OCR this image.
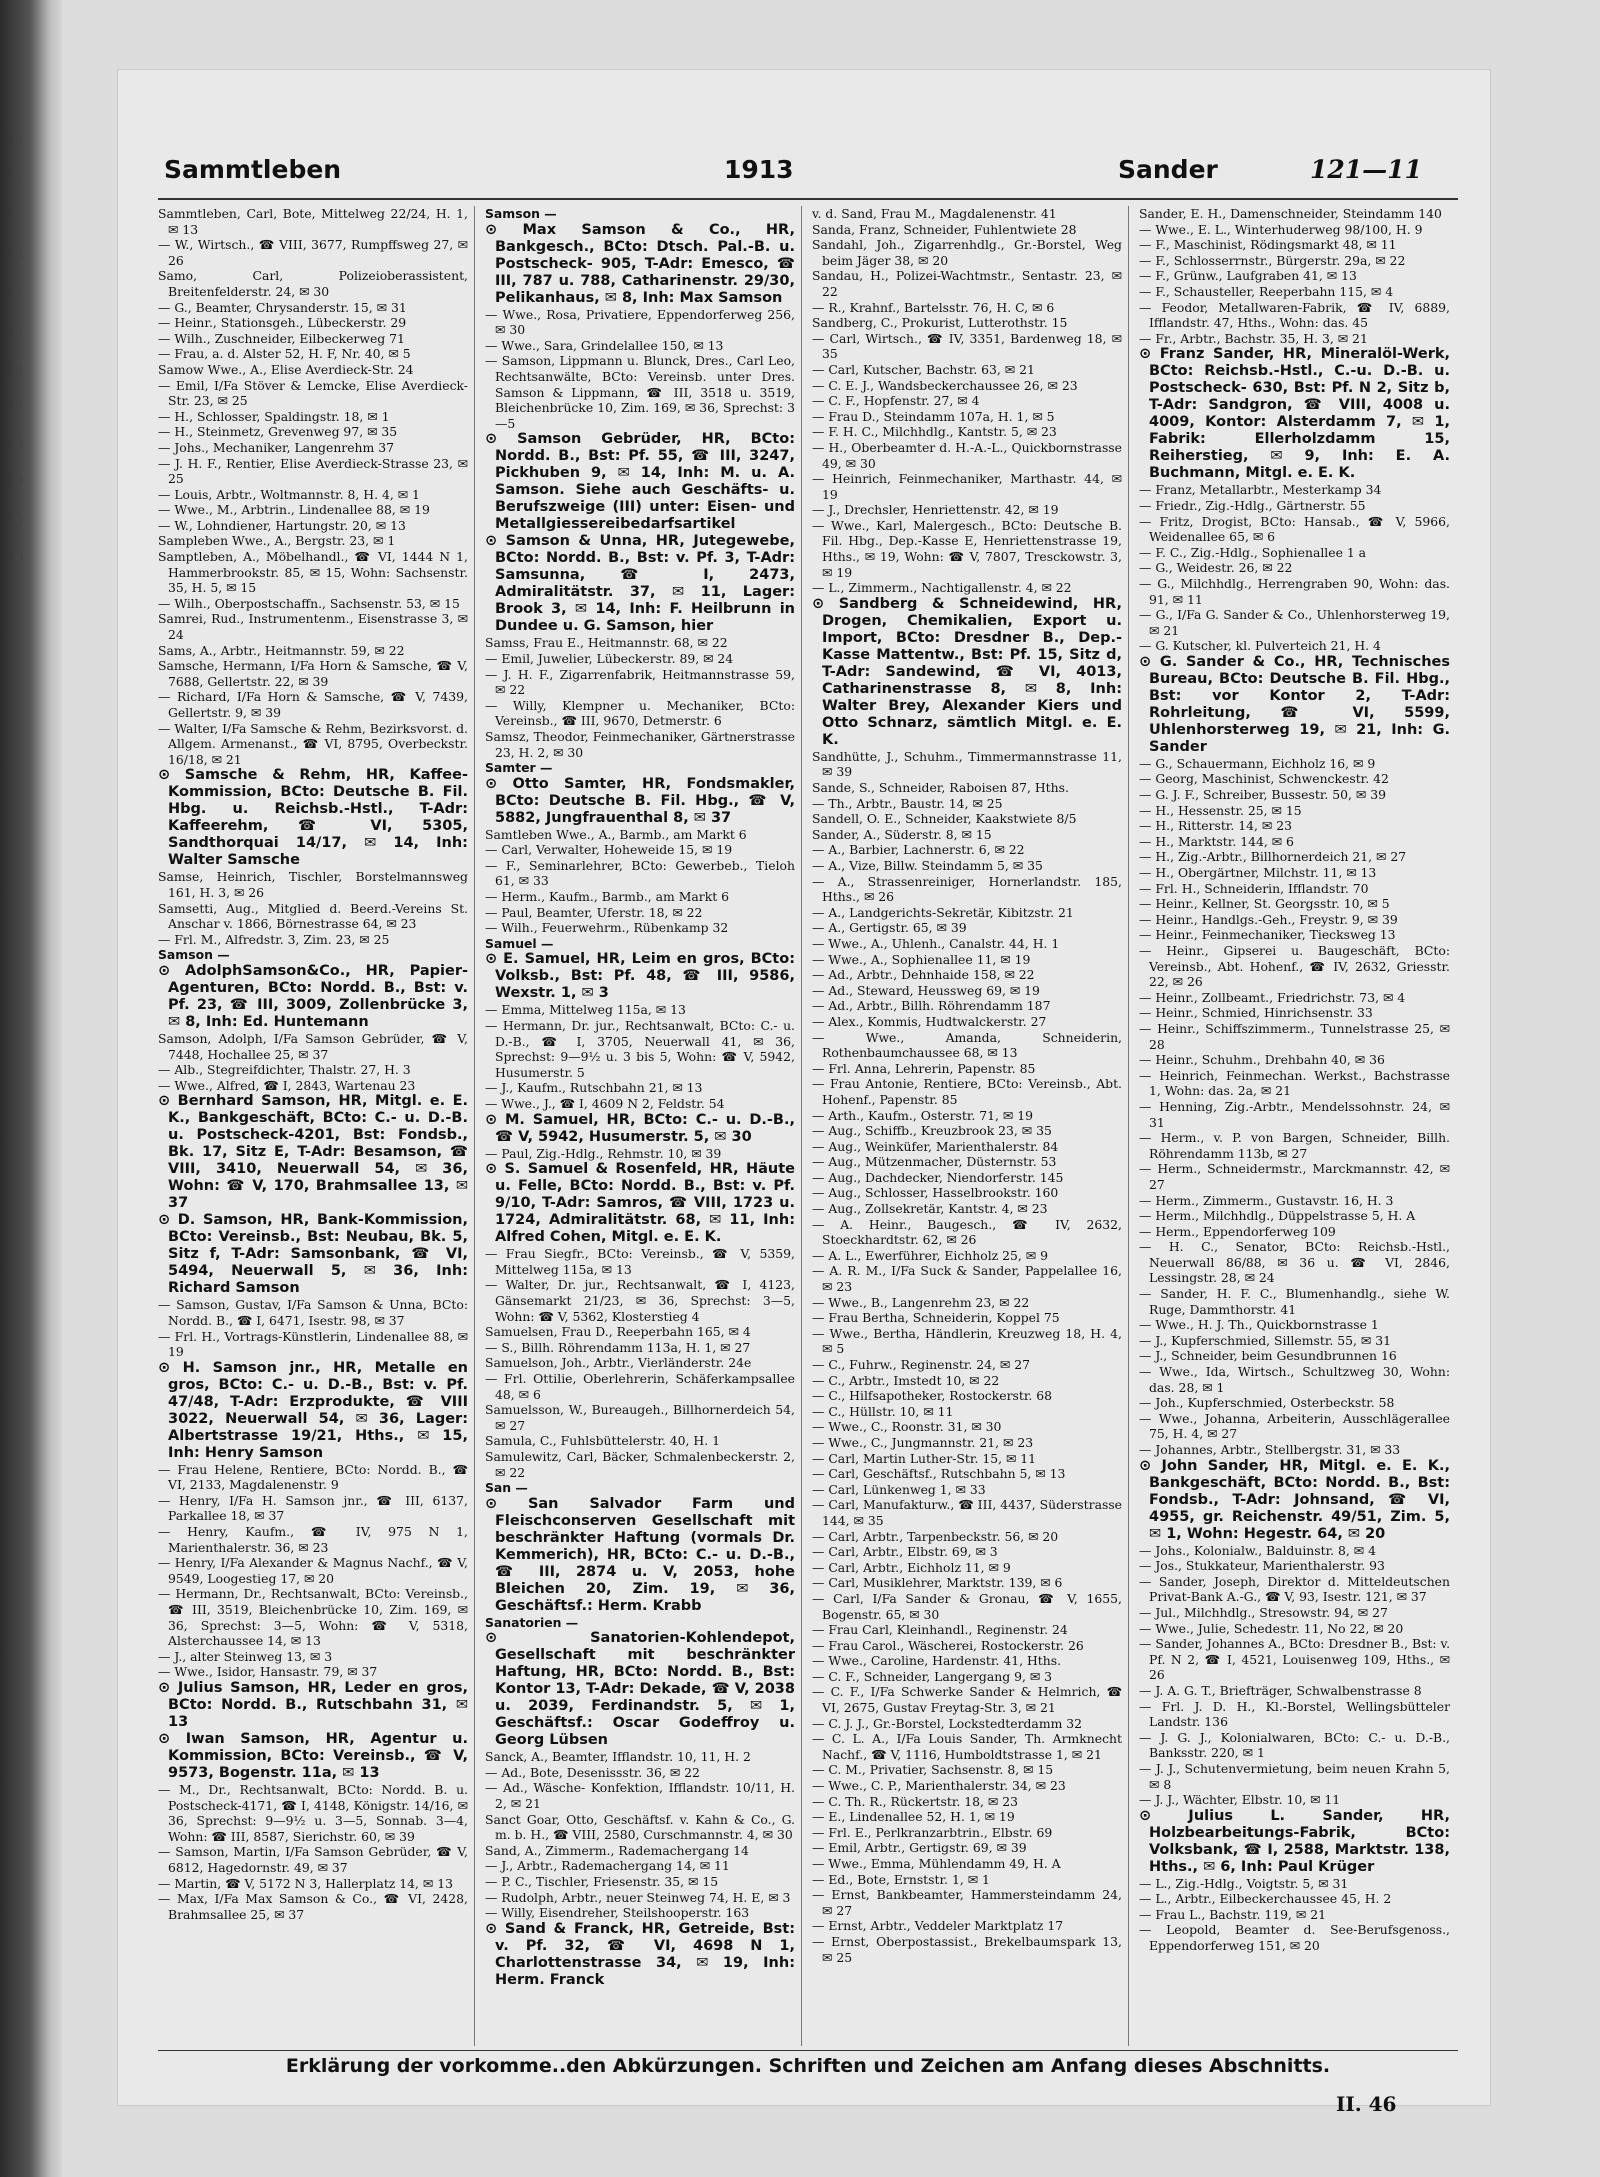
e
t
i
n
r
e
g
o
9
9
n
6
Sammtleben	1913	Sander	121—11

Sammtleben, Carl, Bote, Mittelweg 22/24, H. 1, ✉ 13

— W., Wirtsch., ☎ VIII, 3677, Rumpffsweg 27, ✉ 26

Samo, Carl, Polizeioberassistent, Breitenfelderstr. 24, ✉ 30

— G., Beamter, Chrysanderstr. 15, ✉ 31

— Heinr., Stationsgeh., Lübeckerstr. 29

— Wilh., Zuschneider, Eilbeckerweg 71

— Frau, a. d. Alster 52, H. F, Nr. 40, ✉ 5

Samow Wwe., A., Elise Averdieck-Str. 24

— Emil, I/Fa Stöver & Lemcke, Elise Averdieck-Str. 23, ✉ 25

— H., Schlosser, Spaldingstr. 18, ✉ 1

— H., Steinmetz, Grevenweg 97, ✉ 35

— Johs., Mechaniker, Langenrehm 37

— J. H. F., Rentier, Elise Averdieck-Strasse 23, ✉ 25

— Louis, Arbtr., Woltmannstr. 8, H. 4, ✉ 1

— Wwe., M., Arbtrin., Lindenallee 88, ✉ 19

— W., Lohndiener, Hartungstr. 20, ✉ 13

Sampleben Wwe., A., Bergstr. 23, ✉ 1

Samptleben, A., Möbelhandl., ☎ VI, 1444 N 1, Hammerbrookstr. 85, ✉ 15, Wohn: Sachsenstr. 35, H. 5, ✉ 15

— Wilh., Oberpostschaffn., Sachsenstr. 53, ✉ 15

Samrei, Rud., Instrumentenm., Eisenstrasse 3, ✉ 24

Sams, A., Arbtr., Heitmannstr. 59, ✉ 22

Samsche, Hermann, I/Fa Horn & Samsche, ☎ V, 7688, Gellertstr. 22, ✉ 39

— Richard, I/Fa Horn & Samsche, ☎ V, 7439, Gellertstr. 9, ✉ 39

— Walter, I/Fa Samsche & Rehm, Bezirksvorst. d. Allgem. Armenanst., ☎ VI, 8795, Overbeckstr. 16/18, ✉ 21

⊙ Samsche & Rehm, HR, Kaffee-Kommission, BCto: Deutsche B. Fil. Hbg. u. Reichsb.-Hstl., T-Adr: Kaffeerehm, ☎ VI, 5305, Sandthorquai 14/17, ✉ 14, Inh: Walter Samsche

Samse, Heinrich, Tischler, Borstelmannsweg 161, H. 3, ✉ 26

Samsetti, Aug., Mitglied d. Beerd.-Vereins St. Anschar v. 1866, Börnestrasse 64, ✉ 23

— Frl. M., Alfredstr. 3, Zim. 23, ✉ 25

Samson —

⊙ AdolphSamson&Co., HR, Papier-Agenturen, BCto: Nordd. B., Bst: v. Pf. 23, ☎ III, 3009, Zollenbrücke 3, ✉ 8, Inh: Ed. Huntemann

Samson, Adolph, I/Fa Samson Gebrüder, ☎ V, 7448, Hochallee 25, ✉ 37

— Alb., Stegreifdichter, Thalstr. 27, H. 3

— Wwe., Alfred, ☎ I, 2843, Wartenau 23

⊙ Bernhard Samson, HR, Mitgl. e. E. K., Bankgeschäft, BCto: C.- u. D.-B. u. Postscheck-4201, Bst: Fondsb., Bk. 17, Sitz E, T-Adr: Besamson, ☎ VIII, 3410, Neuerwall 54, ✉ 36, Wohn: ☎ V, 170, Brahmsallee 13, ✉ 37

⊙ D. Samson, HR, Bank-Kommission, BCto: Vereinsb., Bst: Neubau, Bk. 5, Sitz f, T-Adr: Samsonbank, ☎ VI, 5494, Neuerwall 5, ✉ 36, Inh: Richard Samson

— Samson, Gustav, I/Fa Samson & Unna, BCto: Nordd. B., ☎ I, 6471, Isestr. 98, ✉ 37

— Frl. H., Vortrags-Künstlerin, Lindenallee 88, ✉ 19

⊙ H. Samson jnr., HR, Metalle en gros, BCto: C.- u. D.-B., Bst: v. Pf. 47/48, T-Adr: Erzprodukte, ☎ VIII 3022, Neuerwall 54, ✉ 36, Lager: Albertstrasse 19/21, Hths., ✉ 15, Inh: Henry Samson

— Frau Helene, Rentiere, BCto: Nordd. B., ☎ VI, 2133, Magdalenenstr. 9

— Henry, I/Fa H. Samson jnr., ☎ III, 6137, Parkallee 18, ✉ 37

— Henry, Kaufm., ☎ IV, 975 N 1, Marienthalerstr. 36, ✉ 23

— Henry, I/Fa Alexander & Magnus Nachf., ☎ V, 9549, Loogestieg 17, ✉ 20

— Hermann, Dr., Rechtsanwalt, BCto: Vereinsb., ☎ III, 3519, Bleichenbrücke 10, Zim. 169, ✉ 36, Sprechst: 3—5, Wohn: ☎ V, 5318, Alsterchaussee 14, ✉ 13

— J., alter Steinweg 13, ✉ 3

— Wwe., Isidor, Hansastr. 79, ✉ 37

⊙ Julius Samson, HR, Leder en gros, BCto: Nordd. B., Rutschbahn 31, ✉ 13

⊙ Iwan Samson, HR, Agentur u. Kommission, BCto: Vereinsb., ☎ V, 9573, Bogenstr. 11a, ✉ 13

— M., Dr., Rechtsanwalt, BCto: Nordd. B. u. Postscheck-4171, ☎ I, 4148, Königstr. 14/16, ✉ 36, Sprechst: 9—9½ u. 3—5, Sonnab. 3—4, Wohn: ☎ III, 8587, Sierichstr. 60, ✉ 39

— Samson, Martin, I/Fa Samson Gebrüder, ☎ V, 6812, Hagedornstr. 49, ✉ 37

— Martin, ☎ V, 5172 N 3, Hallerplatz 14, ✉ 13

— Max, I/Fa Max Samson & Co., ☎ VI, 2428, Brahmsallee 25, ✉ 37

Samson —

⊙ Max Samson & Co., HR, Bankgesch., BCto: Dtsch. Pal.-B. u. Postscheck- 905, T-Adr: Emesco, ☎ III, 787 u. 788, Catharinenstr. 29/30, Pelikanhaus, ✉ 8, Inh: Max Samson

— Wwe., Rosa, Privatiere, Eppendorferweg 256, ✉ 30

— Wwe., Sara, Grindelallee 150, ✉ 13

— Samson, Lippmann u. Blunck, Dres., Carl Leo, Rechtsanwälte, BCto: Vereinsb. unter Dres. Samson & Lippmann, ☎ III, 3518 u. 3519, Bleichenbrücke 10, Zim. 169, ✉ 36, Sprechst: 3—5

⊙ Samson Gebrüder, HR, BCto: Nordd. B., Bst: Pf. 55, ☎ III, 3247, Pickhuben 9, ✉ 14, Inh: M. u. A. Samson. Siehe auch Geschäfts- u. Berufszweige (III) unter: Eisen- und Metallgiessereibedarfsartikel

⊙ Samson & Unna, HR, Jutegewebe, BCto: Nordd. B., Bst: v. Pf. 3, T-Adr: Samsunna, ☎ I, 2473, Admiralitätstr. 37, ✉ 11, Lager: Brook 3, ✉ 14, Inh: F. Heilbrunn in Dundee u. G. Samson, hier

Samss, Frau E., Heitmannstr. 68, ✉ 22

— Emil, Juwelier, Lübeckerstr. 89, ✉ 24

— J. H. F., Zigarrenfabrik, Heitmannstrasse 59, ✉ 22

— Willy, Klempner u. Mechaniker, BCto: Vereinsb., ☎ III, 9670, Detmerstr. 6

Samsz, Theodor, Feinmechaniker, Gärtnerstrasse 23, H. 2, ✉ 30

Samter —

⊙ Otto Samter, HR, Fondsmakler, BCto: Deutsche B. Fil. Hbg., ☎ V, 5882, Jungfrauenthal 8, ✉ 37

Samtleben Wwe., A., Barmb., am Markt 6

— Carl, Verwalter, Hoheweide 15, ✉ 19

— F., Seminarlehrer, BCto: Gewerbeb., Tieloh 61, ✉ 33

— Herm., Kaufm., Barmb., am Markt 6

— Paul, Beamter, Uferstr. 18, ✉ 22

— Wilh., Feuerwehrm., Rübenkamp 32

Samuel —

⊙ E. Samuel, HR, Leim en gros, BCto: Volksb., Bst: Pf. 48, ☎ III, 9586, Wexstr. 1, ✉ 3

— Emma, Mittelweg 115a, ✉ 13

— Hermann, Dr. jur., Rechtsanwalt, BCto: C.- u. D.-B., ☎ I, 3705, Neuerwall 41, ✉ 36, Sprechst: 9—9½ u. 3 bis 5, Wohn: ☎ V, 5942, Husumerstr. 5

— J., Kaufm., Rutschbahn 21, ✉ 13

— Wwe., J., ☎ I, 4609 N 2, Feldstr. 54

⊙ M. Samuel, HR, BCto: C.- u. D.-B., ☎ V, 5942, Husumerstr. 5, ✉ 30

— Paul, Zig.-Hdlg., Rehmstr. 10, ✉ 39

⊙ S. Samuel & Rosenfeld, HR, Häute u. Felle, BCto: Nordd. B., Bst: v. Pf. 9/10, T-Adr: Samros, ☎ VIII, 1723 u. 1724, Admiralitätstr. 68, ✉ 11, Inh: Alfred Cohen, Mitgl. e. E. K.

— Frau Siegfr., BCto: Vereinsb., ☎ V, 5359, Mittelweg 115a, ✉ 13

— Walter, Dr. jur., Rechtsanwalt, ☎ I, 4123, Gänsemarkt 21/23, ✉ 36, Sprechst: 3—5, Wohn: ☎ V, 5362, Klosterstieg 4

Samuelsen, Frau D., Reeperbahn 165, ✉ 4

— S., Billh. Röhrendamm 113a, H. 1, ✉ 27

Samuelson, Joh., Arbtr., Vierländerstr. 24e

— Frl. Ottilie, Oberlehrerin, Schäferkampsallee 48, ✉ 6

Samuelsson, W., Bureaugeh., Billhornerdeich 54, ✉ 27

Samula, C., Fuhlsbüttelerstr. 40, H. 1

Samulewitz, Carl, Bäcker, Schmalenbeckerstr. 2, ✉ 22

San —

⊙ San Salvador Farm und Fleischconserven Gesellschaft mit beschränkter Haftung (vormals Dr. Kemmerich), HR, BCto: C.- u. D.-B., ☎ III, 2874 u. V, 2053, hohe Bleichen 20, Zim. 19, ✉ 36, Geschäftsf.: Herm. Krabb

Sanatorien —

⊙ Sanatorien-Kohlendepot, Gesellschaft mit beschränkter Haftung, HR, BCto: Nordd. B., Bst: Kontor 13, T-Adr: Dekade, ☎ V, 2038 u. 2039, Ferdinandstr. 5, ✉ 1, Geschäftsf.: Oscar Godeffroy u. Georg Lübsen

Sanck, A., Beamter, Ifflandstr. 10, 11, H. 2

— Ad., Bote, Desenissstr. 36, ✉ 22

— Ad., Wäsche- Konfektion, Ifflandstr. 10/11, H. 2, ✉ 21

Sanct Goar, Otto, Geschäftsf. v. Kahn & Co., G. m. b. H., ☎ VIII, 2580, Curschmannstr. 4, ✉ 30

Sand, A., Zimmerm., Rademachergang 14

— J., Arbtr., Rademachergang 14, ✉ 11

— P. C., Tischler, Friesenstr. 35, ✉ 15

— Rudolph, Arbtr., neuer Steinweg 74, H. E, ✉ 3

— Willy, Eisendreher, Steilshooperstr. 163

⊙ Sand & Franck, HR, Getreide, Bst: v. Pf. 32, ☎ VI, 4698 N 1, Charlottenstrasse 34, ✉ 19, Inh: Herm. Franck

v. d. Sand, Frau M., Magdalenenstr. 41

Sanda, Franz, Schneider, Fuhlentwiete 28

Sandahl, Joh., Zigarrenhdlg., Gr.-Borstel, Weg beim Jäger 38, ✉ 20

Sandau, H., Polizei-Wachtmstr., Sentastr. 23, ✉ 22

— R., Krahnf., Bartelsstr. 76, H. C, ✉ 6

Sandberg, C., Prokurist, Lutterothstr. 15

— Carl, Wirtsch., ☎ IV, 3351, Bardenweg 18, ✉ 35

— Carl, Kutscher, Bachstr. 63, ✉ 21

— C. E. J., Wandsbeckerchaussee 26, ✉ 23

— C. F., Hopfenstr. 27, ✉ 4

— Frau D., Steindamm 107a, H. 1, ✉ 5

— F. H. C., Milchhdlg., Kantstr. 5, ✉ 23

— H., Oberbeamter d. H.-A.-L., Quickbornstrasse 49, ✉ 30

— Heinrich, Feinmechaniker, Marthastr. 44, ✉ 19

— J., Drechsler, Henriettenstr. 42, ✉ 19

— Wwe., Karl, Malergesch., BCto: Deutsche B. Fil. Hbg., Dep.-Kasse E, Henriettenstrasse 19, Hths., ✉ 19, Wohn: ☎ V, 7807, Tresckowstr. 3, ✉ 19

— L., Zimmerm., Nachtigallenstr. 4, ✉ 22

⊙ Sandberg & Schneidewind, HR, Drogen, Chemikalien, Export u. Import, BCto: Dresdner B., Dep.-Kasse Mattentw., Bst: Pf. 15, Sitz d, T-Adr: Sandewind, ☎ VI, 4013, Catharinenstrasse 8, ✉ 8, Inh: Walter Brey, Alexander Kiers und Otto Schnarz, sämtlich Mitgl. e. E. K.

Sandhütte, J., Schuhm., Timmermannstrasse 11, ✉ 39

Sande, S., Schneider, Raboisen 87, Hths.

— Th., Arbtr., Baustr. 14, ✉ 25

Sandell, O. E., Schneider, Kaakstwiete 8/5

Sander, A., Süderstr. 8, ✉ 15

— A., Barbier, Lachnerstr. 6, ✉ 22

— A., Vize, Billw. Steindamm 5, ✉ 35

— A., Strassenreiniger, Hornerlandstr. 185, Hths., ✉ 26

— A., Landgerichts-Sekretär, Kibitzstr. 21

— A., Gertigstr. 65, ✉ 39

— Wwe., A., Uhlenh., Canalstr. 44, H. 1

— Wwe., A., Sophienallee 11, ✉ 19

— Ad., Arbtr., Dehnhaide 158, ✉ 22

— Ad., Steward, Heussweg 69, ✉ 19

— Ad., Arbtr., Billh. Röhrendamm 187

— Alex., Kommis, Hudtwalckerstr. 27

— Wwe., Amanda, Schneiderin, Rothenbaumchaussee 68, ✉ 13

— Frl. Anna, Lehrerin, Papenstr. 85

— Frau Antonie, Rentiere, BCto: Vereinsb., Abt. Hohenf., Papenstr. 85

— Arth., Kaufm., Osterstr. 71, ✉ 19

— Aug., Schiffb., Kreuzbrook 23, ✉ 35

— Aug., Weinküfer, Marienthalerstr. 84

— Aug., Mützenmacher, Düsternstr. 53

— Aug., Dachdecker, Niendorferstr. 145

— Aug., Schlosser, Hasselbrookstr. 160

— Aug., Zollsekretär, Kantstr. 4, ✉ 23

— A. Heinr., Baugesch., ☎ IV, 2632, Stoeckhardtstr. 62, ✉ 26

— A. L., Ewerführer, Eichholz 25, ✉ 9

— A. R. M., I/Fa Suck & Sander, Pappelallee 16, ✉ 23

— Wwe., B., Langenrehm 23, ✉ 22

— Frau Bertha, Schneiderin, Koppel 75

— Wwe., Bertha, Händlerin, Kreuzweg 18, H. 4, ✉ 5

— C., Fuhrw., Reginenstr. 24, ✉ 27

— C., Arbtr., Imstedt 10, ✉ 22

— C., Hilfsapotheker, Rostockerstr. 68

— C., Hüllstr. 10, ✉ 11

— Wwe., C., Roonstr. 31, ✉ 30

— Wwe., C., Jungmannstr. 21, ✉ 23

— Carl, Martin Luther-Str. 15, ✉ 11

— Carl, Geschäftsf., Rutschbahn 5, ✉ 13

— Carl, Lünkenweg 1, ✉ 33

— Carl, Manufakturw., ☎ III, 4437, Süderstrasse 144, ✉ 35

— Carl, Arbtr., Tarpenbeckstr. 56, ✉ 20

— Carl, Arbtr., Elbstr. 69, ✉ 3

— Carl, Arbtr., Eichholz 11, ✉ 9

— Carl, Musiklehrer, Marktstr. 139, ✉ 6

— Carl, I/Fa Sander & Gronau, ☎ V, 1655, Bogenstr. 65, ✉ 30

— Frau Carl, Kleinhandl., Reginenstr. 24

— Frau Carol., Wäscherei, Rostockerstr. 26

— Wwe., Caroline, Hardenstr. 41, Hths.

— C. F., Schneider, Langergang 9, ✉ 3

— C. F., I/Fa Schwerke Sander & Helmrich, ☎ VI, 2675, Gustav Freytag-Str. 3, ✉ 21

— C. J. J., Gr.-Borstel, Lockstedterdamm 32

— C. L. A., I/Fa Louis Sander, Th. Armknecht Nachf., ☎ V, 1116, Humboldtstrasse 1, ✉ 21

— C. M., Privatier, Sachsenstr. 8, ✉ 15

— Wwe., C. P., Marienthalerstr. 34, ✉ 23

— C. Th. R., Rückertstr. 18, ✉ 23

— E., Lindenallee 52, H. 1, ✉ 19

— Frl. E., Perlkranzarbtrin., Elbstr. 69

— Emil, Arbtr., Gertigstr. 69, ✉ 39

— Wwe., Emma, Mühlendamm 49, H. A

— Ed., Bote, Ernststr. 1, ✉ 1

— Ernst, Bankbeamter, Hammersteindamm 24, ✉ 27

— Ernst, Arbtr., Veddeler Marktplatz 17

— Ernst, Oberpostassist., Brekelbaumspark 13, ✉ 25

Sander, E. H., Damenschneider, Steindamm 140

— Wwe., E. L., Winterhuderweg 98/100, H. 9

— F., Maschinist, Rödingsmarkt 48, ✉ 11

— F., Schlosserrnstr., Bürgerstr. 29a, ✉ 22

— F., Grünw., Laufgraben 41, ✉ 13

— F., Schausteller, Reeperbahn 115, ✉ 4

— Feodor, Metallwaren-Fabrik, ☎ IV, 6889, Ifflandstr. 47, Hths., Wohn: das. 45

— Fr., Arbtr., Bachstr. 35, H. 3, ✉ 21

⊙ Franz Sander, HR, Mineralöl-Werk, BCto: Reichsb.-Hstl., C.-u. D.-B. u. Postscheck- 630, Bst: Pf. N 2, Sitz b, T-Adr: Sandgron, ☎ VIII, 4008 u. 4009, Kontor: Alsterdamm 7, ✉ 1, Fabrik: Ellerholzdamm 15, Reiherstieg, ✉ 9, Inh: E. A. Buchmann, Mitgl. e. E. K.

— Franz, Metallarbtr., Mesterkamp 34

— Friedr., Zig.-Hdlg., Gärtnerstr. 55

— Fritz, Drogist, BCto: Hansab., ☎ V, 5966, Weidenallee 65, ✉ 6

— F. C., Zig.-Hdlg., Sophienallee 1 a

— G., Weidestr. 26, ✉ 22

— G., Milchhdlg., Herrengraben 90, Wohn: das. 91, ✉ 11

— G., I/Fa G. Sander & Co., Uhlenhorsterweg 19, ✉ 21

— G. Kutscher, kl. Pulverteich 21, H. 4

⊙ G. Sander & Co., HR, Technisches Bureau, BCto: Deutsche B. Fil. Hbg., Bst: vor Kontor 2, T-Adr: Rohrleitung, ☎ VI, 5599, Uhlenhorsterweg 19, ✉ 21, Inh: G. Sander

— G., Schauermann, Eichholz 16, ✉ 9

— Georg, Maschinist, Schwenckestr. 42

— G. J. F., Schreiber, Bussestr. 50, ✉ 39

— H., Hessenstr. 25, ✉ 15

— H., Ritterstr. 14, ✉ 23

— H., Marktstr. 144, ✉ 6

— H., Zig.-Arbtr., Billhornerdeich 21, ✉ 27

— H., Obergärtner, Milchstr. 11, ✉ 13

— Frl. H., Schneiderin, Ifflandstr. 70

— Heinr., Kellner, St. Georgsstr. 10, ✉ 5

— Heinr., Handlgs.-Geh., Freystr. 9, ✉ 39

— Heinr., Feinmechaniker, Tiecksweg 13

— Heinr., Gipserei u. Baugeschäft, BCto: Vereinsb., Abt. Hohenf., ☎ IV, 2632, Griesstr. 22, ✉ 26

— Heinr., Zollbeamt., Friedrichstr. 73, ✉ 4

— Heinr., Schmied, Hinrichsenstr. 33

— Heinr., Schiffszimmerm., Tunnelstrasse 25, ✉ 28

— Heinr., Schuhm., Drehbahn 40, ✉ 36

— Heinrich, Feinmechan. Werkst., Bachstrasse 1, Wohn: das. 2a, ✉ 21

— Henning, Zig.-Arbtr., Mendelssohnstr. 24, ✉ 31

— Herm., v. P. von Bargen, Schneider, Billh. Röhrendamm 113b, ✉ 27

— Herm., Schneidermstr., Marckmannstr. 42, ✉ 27

— Herm., Zimmerm., Gustavstr. 16, H. 3

— Herm., Milchhdlg., Düppelstrasse 5, H. A

— Herm., Eppendorferweg 109

— H. C., Senator, BCto: Reichsb.-Hstl., Neuerwall 86/88, ✉ 36 u. ☎ VI, 2846, Lessingstr. 28, ✉ 24

— Sander, H. F. C., Blumenhandlg., siehe W. Ruge, Dammthorstr. 41

— Wwe., H. J. Th., Quickbornstrasse 1

— J., Kupferschmied, Sillemstr. 55, ✉ 31

— J., Schneider, beim Gesundbrunnen 16

— Wwe., Ida, Wirtsch., Schultzweg 30, Wohn: das. 28, ✉ 1

— Joh., Kupferschmied, Osterbeckstr. 58

— Wwe., Johanna, Arbeiterin, Ausschlägerallee 75, H. 4, ✉ 27

— Johannes, Arbtr., Stellbergstr. 31, ✉ 33

⊙ John Sander, HR, Mitgl. e. E. K., Bankgeschäft, BCto: Nordd. B., Bst: Fondsb., T-Adr: Johnsand, ☎ VI, 4955, gr. Reichenstr. 49/51, Zim. 5, ✉ 1, Wohn: Hegestr. 64, ✉ 20

— Johs., Kolonialw., Balduinstr. 8, ✉ 4

— Jos., Stukkateur, Marienthalerstr. 93

— Sander, Joseph, Direktor d. Mitteldeutschen Privat-Bank A.-G., ☎ V, 93, Isestr. 121, ✉ 37

— Jul., Milchhdlg., Stresowstr. 94, ✉ 27

— Wwe., Julie, Schedestr. 11, No 22, ✉ 20

— Sander, Johannes A., BCto: Dresdner B., Bst: v. Pf. N 2, ☎ I, 4521, Louisenweg 109, Hths., ✉ 26

— J. A. G. T., Briefträger, Schwalbenstrasse 8

— Frl. J. D. H., Kl.-Borstel, Wellingsbütteler Landstr. 136

— J. G. J., Kolonialwaren, BCto: C.- u. D.-B., Banksstr. 220, ✉ 1

— J. J., Schutenvermietung, beim neuen Krahn 5, ✉ 8

— J. J., Wächter, Elbstr. 10, ✉ 11

⊙ Julius L. Sander, HR, Holzbearbeitungs-Fabrik, BCto: Volksbank, ☎ I, 2588, Marktstr. 138, Hths., ✉ 6, Inh: Paul Krüger

— L., Zig.-Hdlg., Voigtstr. 5, ✉ 31

— L., Arbtr., Eilbeckerchaussee 45, H. 2

— Frau L., Bachstr. 119, ✉ 21

— Leopold, Beamter d. See-Berufsgenoss., Eppendorferweg 151, ✉ 20

Erklärung der vorkomme..den Abkürzungen. Schriften und Zeichen am Anfang dieses Abschnitts.
II. 46
